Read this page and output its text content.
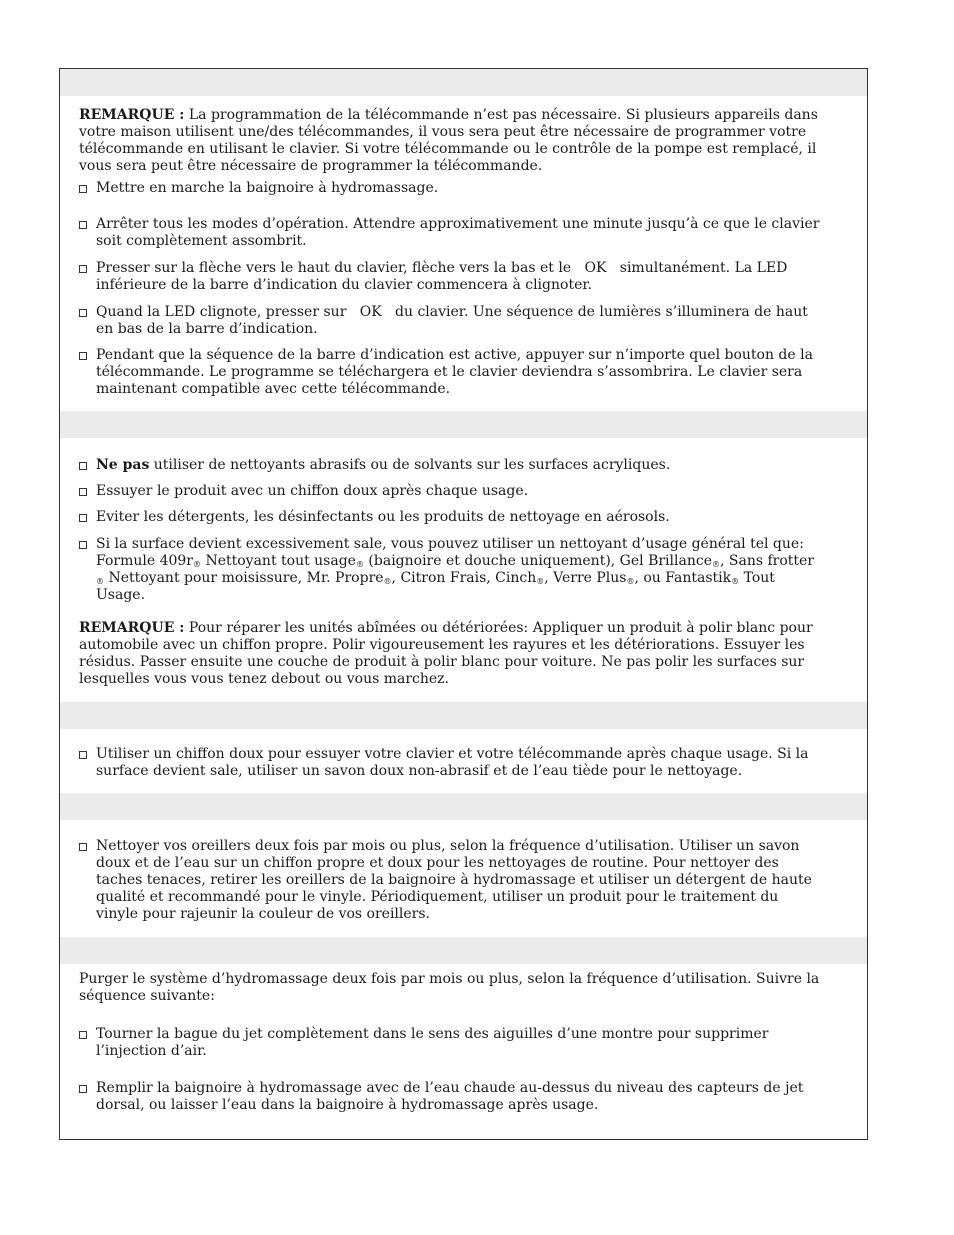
REMARQUE : La programmation de la télécommande n’est pas nécessaire. Si plusieurs appareils dans votre maison utilisent une/des télécommandes, il vous sera peut être nécessaire de programmer votre télécommande en utilisant le clavier. Si votre télécommande ou le contrôle de la pompe est remplacé, il vous sera peut être nécessaire de programmer la télécommande.

Mettre en marche la baignoire à hydromassage.
Arrêter tous les modes d’opération. Attendre approximativement une minute jusqu’à ce que le clavier soit complètement assombrit.
Presser sur la flèche vers le haut du clavier, flèche vers la bas et le   OK   simultanément. La LED inférieure de la barre d’indication du clavier commencera à clignoter.
Quand la LED clignote, presser sur   OK   du clavier. Une séquence de lumières s’illuminera de haut en bas de la barre d’indication.
Pendant que la séquence de la barre d’indication est active, appuyer sur n’importe quel bouton de la télécommande. Le programme se téléchargera et le clavier deviendra s’assombrira. Le clavier sera maintenant compatible avec cette télécommande.
Ne pas utiliser de nettoyants abrasifs ou de solvants sur les surfaces acryliques.
Essuyer le produit avec un chiffon doux après chaque usage.
Eviter les détergents, les désinfectants ou les produits de nettoyage en aérosols.
Si la surface devient excessivement sale, vous pouvez utiliser un nettoyant d’usage général tel que: Formule $409r_®$ Nettoyant tout usage$_®$ (baignoire et douche uniquement), Gel Brillance$_®$, Sans frotter $_®$ Nettoyant pour moisissure, Mr. Propre$_®$, Citron Frais, Cinch$_®$, Verre Plus$_®$, ou Fantastik$_®$ Tout Usage.

REMARQUE : Pour réparer les unités abîmées ou détériorées: Appliquer un produit à polir blanc pour automobile avec un chiffon propre. Polir vigoureusement les rayures et les détériorations. Essuyer les résidus. Passer ensuite une couche de produit à polir blanc pour voiture. Ne pas polir les surfaces sur lesquelles vous vous tenez debout ou vous marchez.

Utiliser un chiffon doux pour essuyer votre clavier et votre télécommande après chaque usage. Si la surface devient sale, utiliser un savon doux non-abrasif et de l’eau tiède pour le nettoyage.
Nettoyer vos oreillers deux fois par mois ou plus, selon la fréquence d’utilisation. Utiliser un savon doux et de l’eau sur un chiffon propre et doux pour les nettoyages de routine. Pour nettoyer des taches tenaces, retirer les oreillers de la baignoire à hydromassage et utiliser un détergent de haute qualité et recommandé pour le vinyle. Périodiquement, utiliser un produit pour le traitement du vinyle pour rajeunir la couleur de vos oreillers.

Purger le système d’hydromassage deux fois par mois ou plus, selon la fréquence d’utilisation. Suivre la séquence suivante:

Tourner la bague du jet complètement dans le sens des aiguilles d’une montre pour supprimer l’injection d’air.
Remplir la baignoire à hydromassage avec de l’eau chaude au-dessus du niveau des capteurs de jet dorsal, ou laisser l’eau dans la baignoire à hydromassage après usage.
